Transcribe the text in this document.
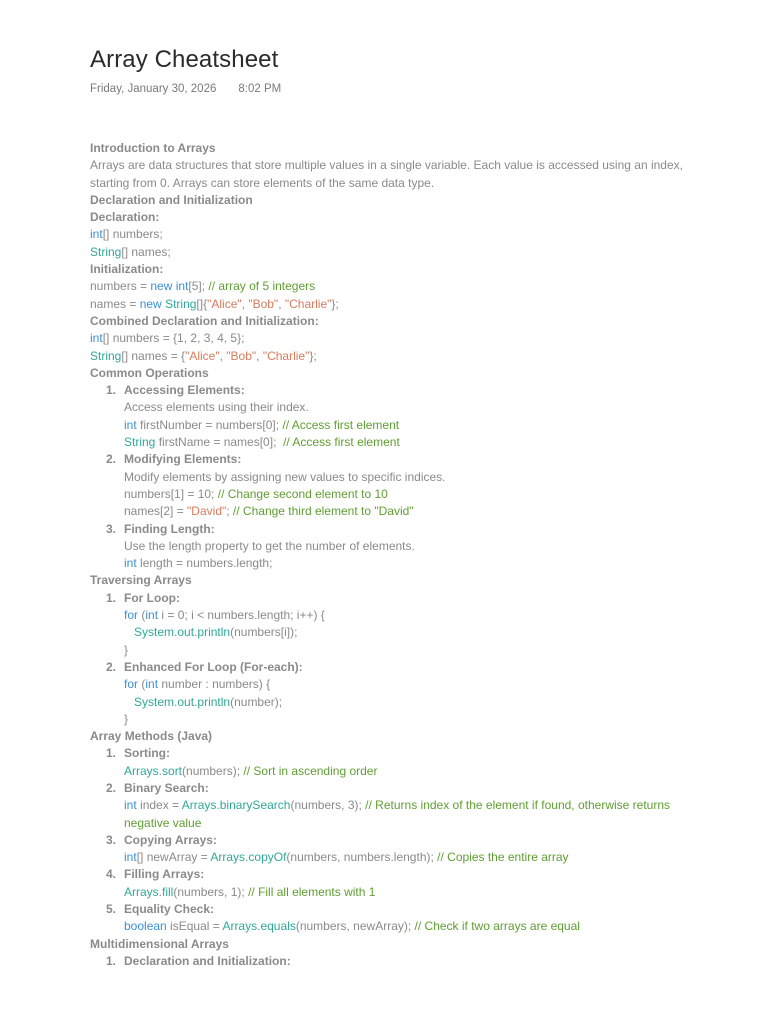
Array Cheatsheet
Friday, January 30, 2026 8:02 PM
Introduction to Arrays
Arrays are data structures that store multiple values in a single variable. Each value is accessed using an index, starting from 0. Arrays can store elements of the same data type.
Declaration and Initialization
Declaration:
int[] numbers;
String[] names;
Initialization:
numbers = new int[5]; // array of 5 integers
names = new String[]{"Alice", "Bob", "Charlie"};
Combined Declaration and Initialization:
int[] numbers = {1, 2, 3, 4, 5};
String[] names = {"Alice", "Bob", "Charlie"};
Common Operations
1. Accessing Elements:
Access elements using their index.
int firstNumber = numbers[0]; // Access first element
String firstName = names[0];  // Access first element
2. Modifying Elements:
Modify elements by assigning new values to specific indices.
numbers[1] = 10; // Change second element to 10
names[2] = "David"; // Change third element to "David"
3. Finding Length:
Use the length property to get the number of elements.
int length = numbers.length;
Traversing Arrays
1. For Loop:
for (int i = 0; i < numbers.length; i++) {
System.out.println(numbers[i]);
}
2. Enhanced For Loop (For-each):
for (int number : numbers) {
System.out.println(number);
}
Array Methods (Java)
1. Sorting:
Arrays.sort(numbers); // Sort in ascending order
2. Binary Search:
int index = Arrays.binarySearch(numbers, 3); // Returns index of the element if found, otherwise returns negative value
3. Copying Arrays:
int[] newArray = Arrays.copyOf(numbers, numbers.length); // Copies the entire array
4. Filling Arrays:
Arrays.fill(numbers, 1); // Fill all elements with 1
5. Equality Check:
boolean isEqual = Arrays.equals(numbers, newArray); // Check if two arrays are equal
Multidimensional Arrays
1. Declaration and Initialization:
